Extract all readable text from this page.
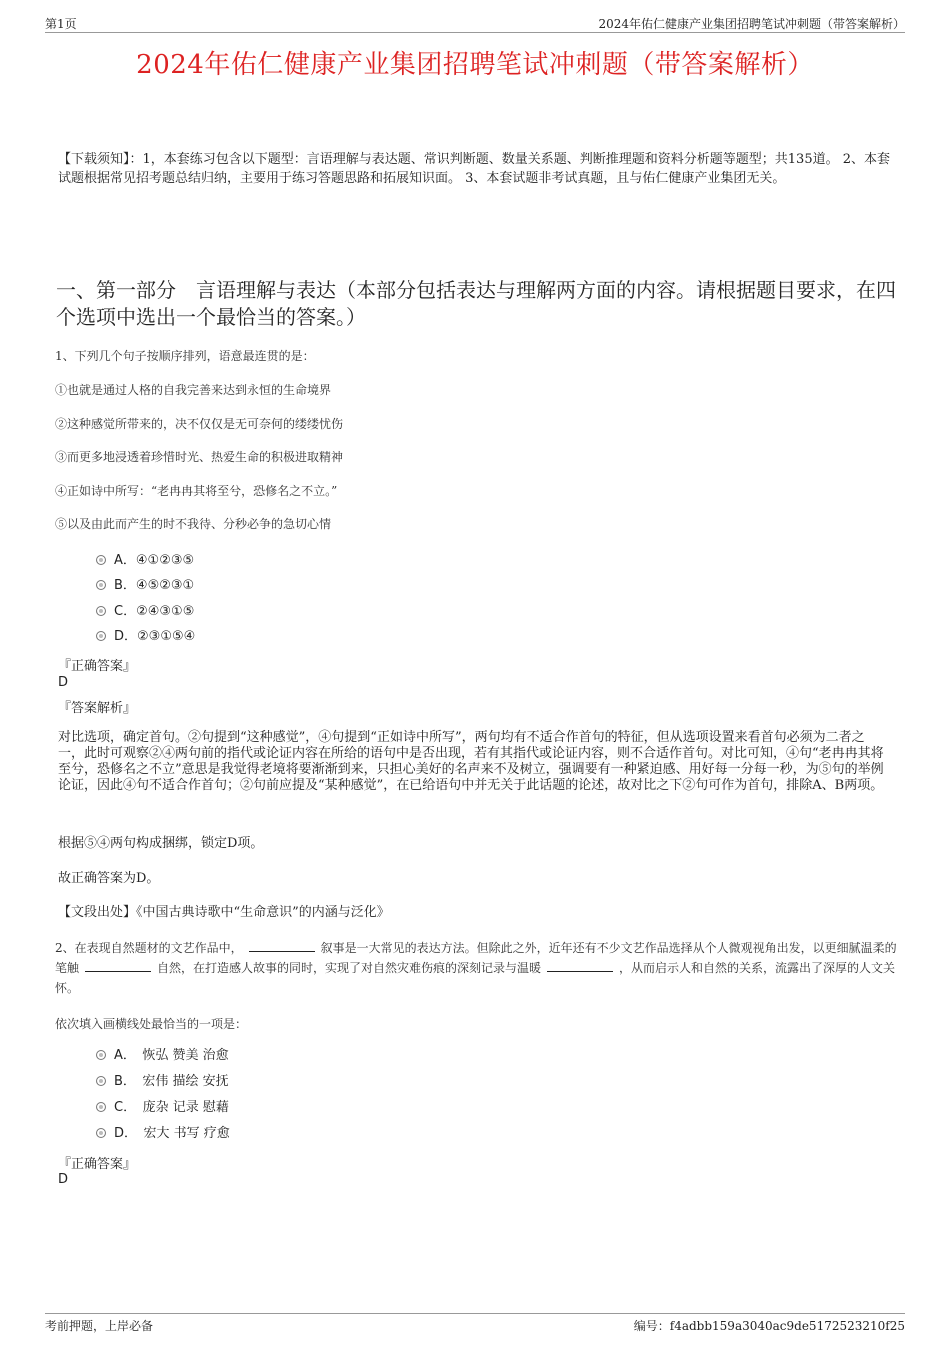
第1页	2024年佑仁健康产业集团招聘笔试冲刺题（带答案解析）
2024年佑仁健康产业集团招聘笔试冲刺题（带答案解析）
【下载须知】：1，本套练习包含以下题型：言语理解与表达题、常识判断题、数量关系题、判断推理题和资料分析题等题型；共135道。 2、本套试题根据常见招考题总结归纳，主要用于练习答题思路和拓展知识面。 3、本套试题非考试真题，且与佑仁健康产业集团无关。
一、第一部分　言语理解与表达（本部分包括表达与理解两方面的内容。请根据题目要求，在四个选项中选出一个最恰当的答案。）
1、下列几个句子按顺序排列，语意最连贯的是：
①也就是通过人格的自我完善来达到永恒的生命境界
②这种感觉所带来的，决不仅仅是无可奈何的缕缕忧伤
③而更多地浸透着珍惜时光、热爱生命的积极进取精神
④正如诗中所写：“老冉冉其将至兮，恐修名之不立。”
⑤以及由此而产生的时不我待、分秒必争的急切心情
A．④①②③⑤
B．④⑤②③①
C．②④③①⑤
D．②③①⑤④
『正确答案』
D
『答案解析』
对比选项，确定首句。②句提到“这种感觉”，④句提到“正如诗中所写”，两句均有不适合作首句的特征，但从选项设置来看首句必须为二者之一，此时可观察②④两句前的指代或论证内容在所给的语句中是否出现，若有其指代或论证内容，则不合适作首句。对比可知，④句“老冉冉其将至兮，恐修名之不立”意思是我觉得老境将要渐渐到来，只担心美好的名声来不及树立，强调要有一种紧迫感、用好每一分每一秒，为⑤句的举例论证，因此④句不适合作首句；②句前应提及“某种感觉”，在已给语句中并无关于此话题的论述，故对比之下②句可作为首句，排除A、B两项。
根据⑤④两句构成捆绑，锁定D项。
故正确答案为D。
【文段出处】《中国古典诗歌中“生命意识”的内涵与泛化》
2、在表现自然题材的文艺作品中，	叙事是一大常见的表达方法。但除此之外，近年还有不少文艺作品选择从个人微观视角出发，以更细腻温柔的笔触	自然，在打造感人故事的同时，实现了对自然灾难伤痕的深刻记录与温暖	，从而启示人和自然的关系，流露出了深厚的人文关怀。
依次填入画横线处最恰当的一项是：
A．　恢弘 赞美 治愈
B．　宏伟 描绘 安抚
C．　庞杂 记录 慰藉
D．　宏大 书写 疗愈
『正确答案』
D
考前押题，上岸必备	编号：f4adbb159a3040ac9de5172523210f25
